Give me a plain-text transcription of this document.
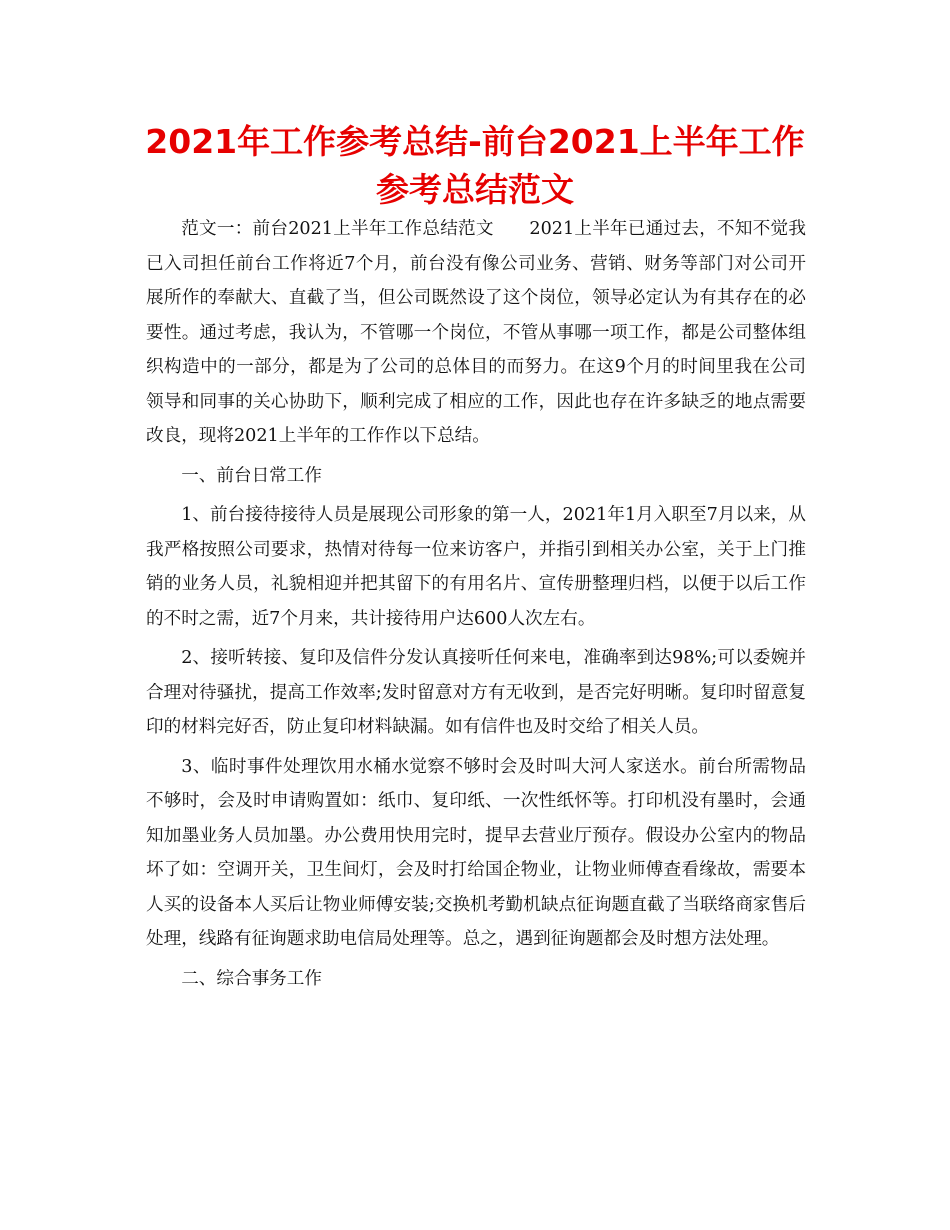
2021年工作参考总结-前台2021上半年工作参考总结范文

范文一：前台2021上半年工作总结范文　　2021上半年已通过去，不知不觉我已入司担任前台工作将近7个月，前台没有像公司业务、营销、财务等部门对公司开展所作的奉献大、直截了当，但公司既然设了这个岗位，领导必定认为有其存在的必要性。通过考虑，我认为，不管哪一个岗位，不管从事哪一项工作，都是公司整体组织构造中的一部分，都是为了公司的总体目的而努力。在这9个月的时间里我在公司领导和同事的关心协助下，顺利完成了相应的工作，因此也存在许多缺乏的地点需要改良，现将2021上半年的工作作以下总结。

一、前台日常工作

1、前台接待接待人员是展现公司形象的第一人，2021年1月入职至7月以来，从我严格按照公司要求，热情对待每一位来访客户，并指引到相关办公室，关于上门推销的业务人员，礼貌相迎并把其留下的有用名片、宣传册整理归档，以便于以后工作的不时之需，近7个月来，共计接待用户达600人次左右。

2、接听转接、复印及信件分发认真接听任何来电，准确率到达98%;可以委婉并合理对待骚扰，提高工作效率;发时留意对方有无收到，是否完好明晰。复印时留意复印的材料完好否，防止复印材料缺漏。如有信件也及时交给了相关人员。

3、临时事件处理饮用水桶水觉察不够时会及时叫大河人家送水。前台所需物品不够时，会及时申请购置如：纸巾、复印纸、一次性纸怀等。打印机没有墨时，会通知加墨业务人员加墨。办公费用快用完时，提早去营业厅预存。假设办公室内的物品坏了如：空调开关，卫生间灯，会及时打给国企物业，让物业师傅查看缘故，需要本人买的设备本人买后让物业师傅安装;交换机考勤机缺点征询题直截了当联络商家售后处理，线路有征询题求助电信局处理等。总之，遇到征询题都会及时想方法处理。

二、综合事务工作
